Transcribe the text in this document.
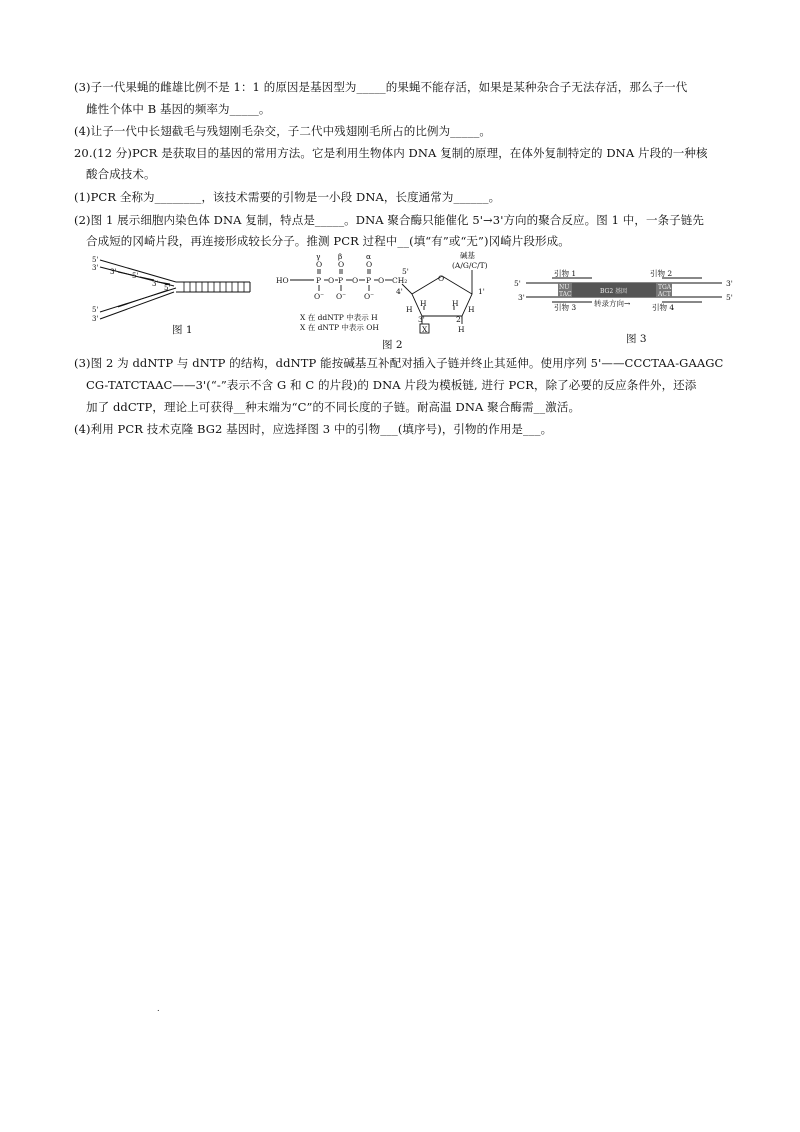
(3)子一代果蝇的雌雄比例不是 1：1 的原因是基因型为_____的果蝇不能存活，如果是某种杂合子无法存活，那么子一代
雌性个体中 B 基因的频率为_____。
(4)让子一代中长翅截毛与残翅刚毛杂交，子二代中残翅刚毛所占的比例为_____。
20.(12 分)PCR 是获取目的基因的常用方法。它是利用生物体内 DNA 复制的原理，在体外复制特定的 DNA 片段的一种核
酸合成技术。
(1)PCR 全称为________，该技术需要的引物是一小段 DNA，长度通常为______。
(2)图 1 展示细胞内染色体 DNA 复制，特点是_____。DNA 聚合酶只能催化 5'→3'方向的聚合反应。图 1 中，一条子链先
合成短的冈崎片段，再连接形成较长分子。推测 PCR 过程中__(填“有”或“无”)冈崎片段形成。
5'
3' 3' 5'
5'
3'
3' 5'
图 1
γ β	α
O O	O
HO	P O P O P O CH₂
5'
O⁻ O⁻ O⁻
4'	1'
H	H
H	H
3'	2'
H
X
碱基
(A/G/C/T)
X 在 ddNTP 中表示 H
X 在 dNTP 中表示 OH
O
图 2
5'
3'
3'
5'
引物 1	引物 2
引物 3	引物 4
转录方向→
NU
TAC
TGA
ACT
BG2 基因
图 3
(3)图 2 为 ddNTP 与 dNTP 的结构，ddNTP 能按碱基互补配对插入子链并终止其延伸。使用序列 5'——CCCTAA-GAAGC
CG-TATCTAAC——3'(“-”表示不含 G 和 C 的片段)的 DNA 片段为模板链, 进行 PCR，除了必要的反应条件外，还添
加了 ddCTP，理论上可获得__种末端为“C”的不同长度的子链。耐高温 DNA 聚合酶需__激活。
(4)利用 PCR 技术克隆 BG2 基因时，应选择图 3 中的引物___(填序号)，引物的作用是___。
.
